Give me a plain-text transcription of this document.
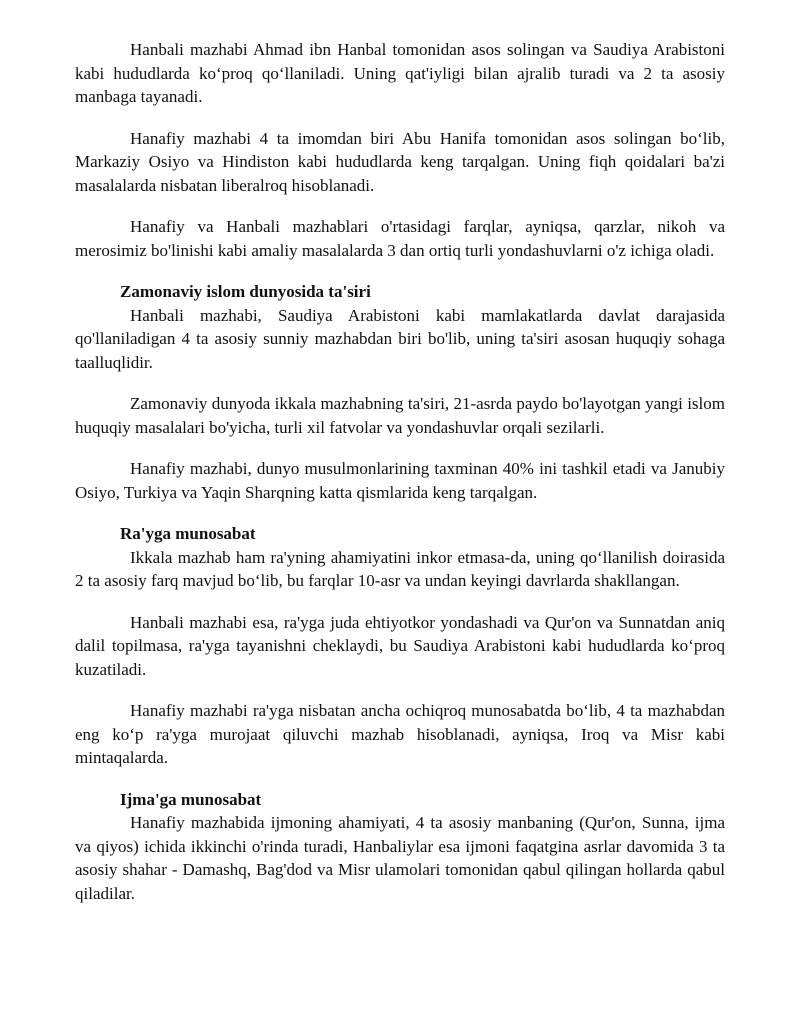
Hanbali mazhabi Ahmad ibn Hanbal tomonidan asos solingan va Saudiya Arabistoni kabi hududlarda ko‘proq qo‘llaniladi. Uning qat'iyligi bilan ajralib turadi va 2 ta asosiy manbaga tayanadi.

Hanafiy mazhabi 4 ta imomdan biri Abu Hanifa tomonidan asos solingan bo‘lib, Markaziy Osiyo va Hindiston kabi hududlarda keng tarqalgan. Uning fiqh qoidalari ba'zi masalalarda nisbatan liberalroq hisoblanadi.

Hanafiy va Hanbali mazhablari o'rtasidagi farqlar, ayniqsa, qarzlar, nikoh va merosimiz bo'linishi kabi amaliy masalalarda 3 dan ortiq turli yondashuvlarni o'z ichiga oladi.

Zamonaviy islom dunyosida ta'siri

Hanbali mazhabi, Saudiya Arabistoni kabi mamlakatlarda davlat darajasida qo'llaniladigan 4 ta asosiy sunniy mazhabdan biri bo'lib, uning ta'siri asosan huquqiy sohaga taalluqlidir.

Zamonaviy dunyoda ikkala mazhabning ta'siri, 21-asrda paydo bo'layotgan yangi islom huquqiy masalalari bo'yicha, turli xil fatvolar va yondashuvlar orqali sezilarli.

Hanafiy mazhabi, dunyo musulmonlarining taxminan 40% ini tashkil etadi va Janubiy Osiyo, Turkiya va Yaqin Sharqning katta qismlarida keng tarqalgan.

Ra'yga munosabat

Ikkala mazhab ham ra'yning ahamiyatini inkor etmasa-da, uning qo‘llanilish doirasida 2 ta asosiy farq mavjud bo‘lib, bu farqlar 10-asr va undan keyingi davrlarda shakllangan.

Hanbali mazhabi esa, ra'yga juda ehtiyotkor yondashadi va Qur'on va Sunnatdan aniq dalil topilmasa, ra'yga tayanishni cheklaydi, bu Saudiya Arabistoni kabi hududlarda ko‘proq kuzatiladi.

Hanafiy mazhabi ra'yga nisbatan ancha ochiqroq munosabatda bo‘lib, 4 ta mazhabdan eng ko‘p ra'yga murojaat qiluvchi mazhab hisoblanadi, ayniqsa, Iroq va Misr kabi mintaqalarda.

Ijma'ga munosabat

Hanafiy mazhabida ijmoning ahamiyati, 4 ta asosiy manbaning (Qur'on, Sunna, ijma va qiyos) ichida ikkinchi o'rinda turadi, Hanbaliylar esa ijmoni faqatgina asrlar davomida 3 ta asosiy shahar - Damashq, Bag'dod va Misr ulamolari tomonidan qabul qilingan hollarda qabul qiladilar.
